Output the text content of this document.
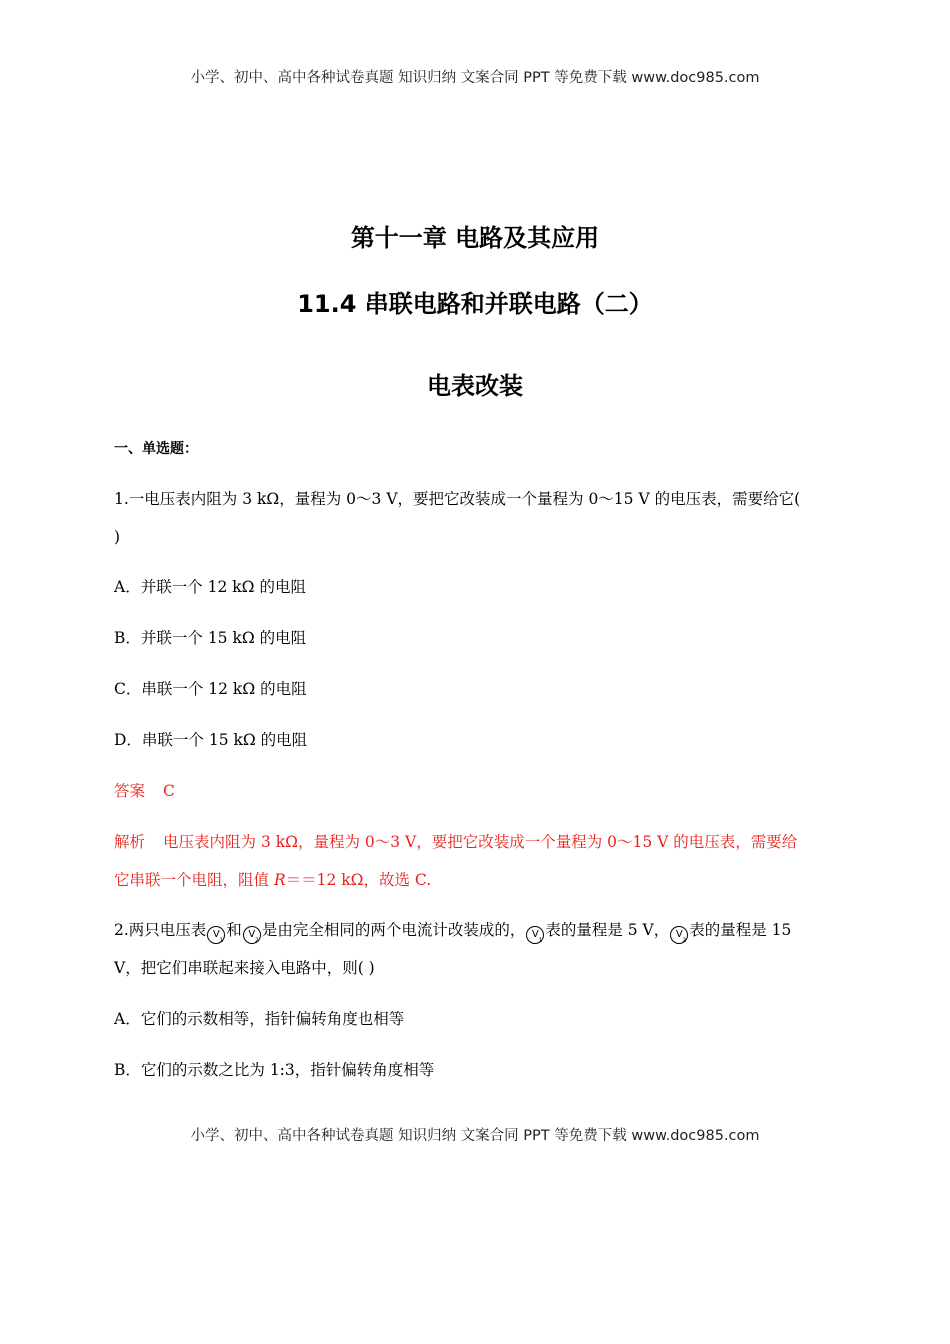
小学、初中、高中各种试卷真题 知识归纳 文案合同 PPT 等免费下载 www.doc985.com
第十一章 电路及其应用
11.4 串联电路和并联电路（二）
电表改装
一、单选题：
1.一电压表内阻为 3 kΩ，量程为 0～3 V，要把它改装成一个量程为 0～15 V 的电压表，需要给它(
)
A．并联一个 12 kΩ 的电阻
B．并联一个 15 kΩ 的电阻
C．串联一个 12 kΩ 的电阻
D．串联一个 15 kΩ 的电阻
答案 C
解析 电压表内阻为 3 kΩ，量程为 0～3 V，要把它改装成一个量程为 0～15 V 的电压表，需要给
它串联一个电阻，阻值 R＝＝12 kΩ，故选 C.
2.两只电压表 V
1
和 V
2
是由完全相同的两个电流计改装成的， V
1
表的量程是 5 V， V
2
表的量程是 15
V，把它们串联起来接入电路中，则( )
A．它们的示数相等，指针偏转角度也相等
B．它们的示数之比为 1:3，指针偏转角度相等
小学、初中、高中各种试卷真题 知识归纳 文案合同 PPT 等免费下载 www.doc985.com
